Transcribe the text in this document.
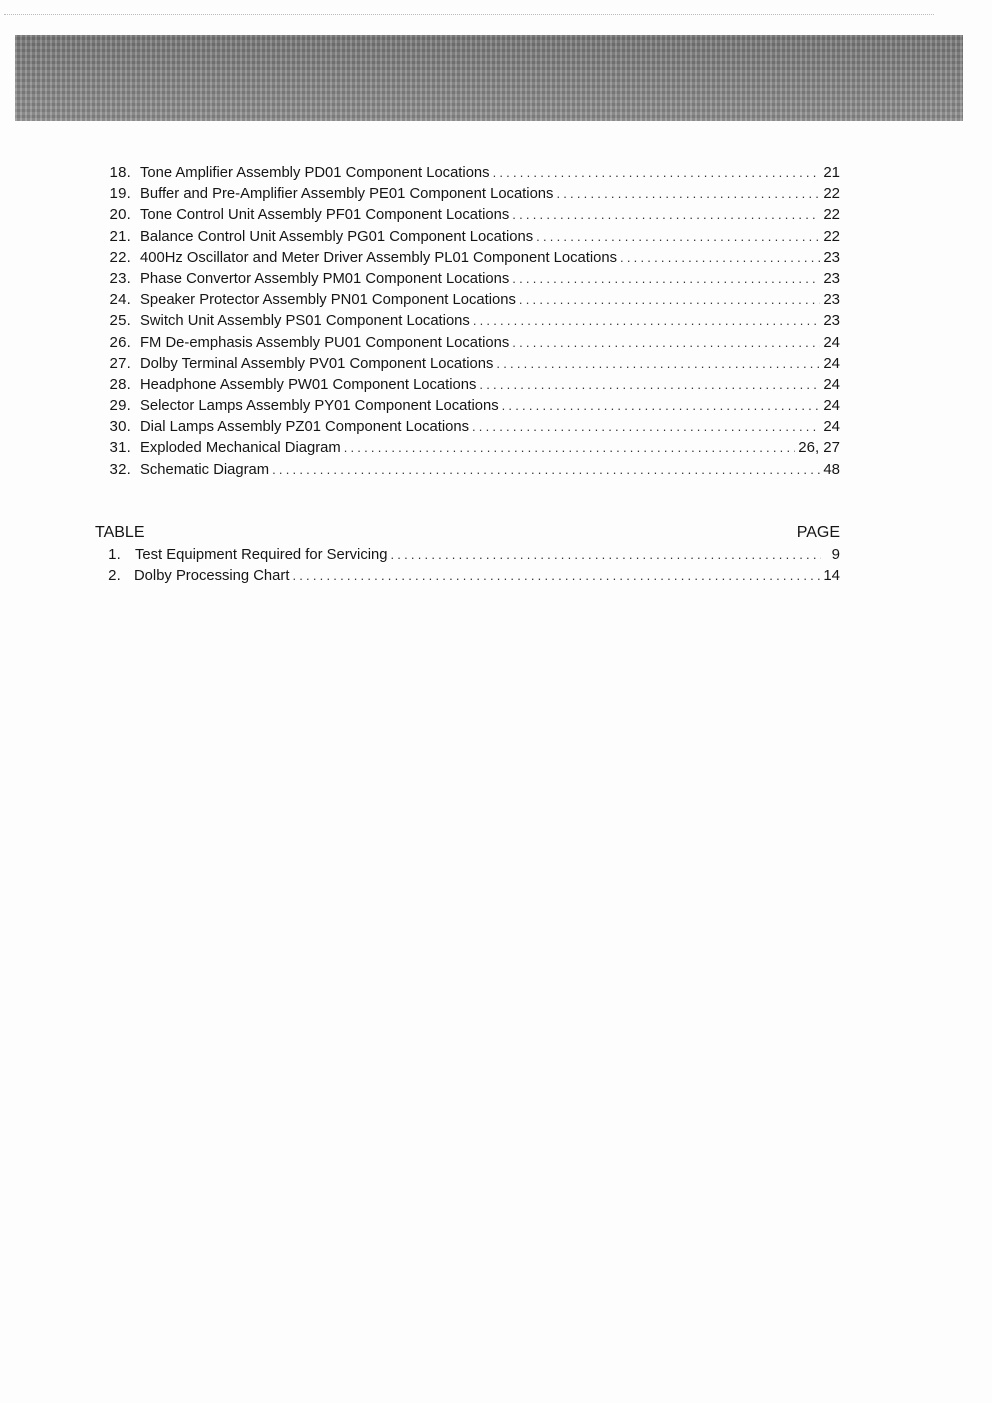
18. Tone Amplifier Assembly PD01 Component Locations .....	21
19. Buffer and Pre-Amplifier Assembly PE01 Component Locations .....	22
20. Tone Control Unit Assembly PF01 Component Locations .....	22
21. Balance Control Unit Assembly PG01 Component Locations .....	22
22. 400Hz Oscillator and Meter Driver Assembly PL01 Component Locations .....	23
23. Phase Convertor Assembly PM01 Component Locations .....	23
24. Speaker Protector Assembly PN01 Component Locations .....	23
25. Switch Unit Assembly PS01 Component Locations .....	23
26. FM De-emphasis Assembly PU01 Component Locations .....	24
27. Dolby Terminal Assembly PV01 Component Locations .....	24
28. Headphone Assembly PW01 Component Locations .....	24
29. Selector Lamps Assembly PY01 Component Locations .....	24
30. Dial Lamps Assembly PZ01 Component Locations .....	24
31. Exploded Mechanical Diagram .....	26, 27
32. Schematic Diagram .....	48
TABLE	PAGE
1. Test Equipment Required for Servicing .....	9
2. Dolby Processing Chart .....	14
